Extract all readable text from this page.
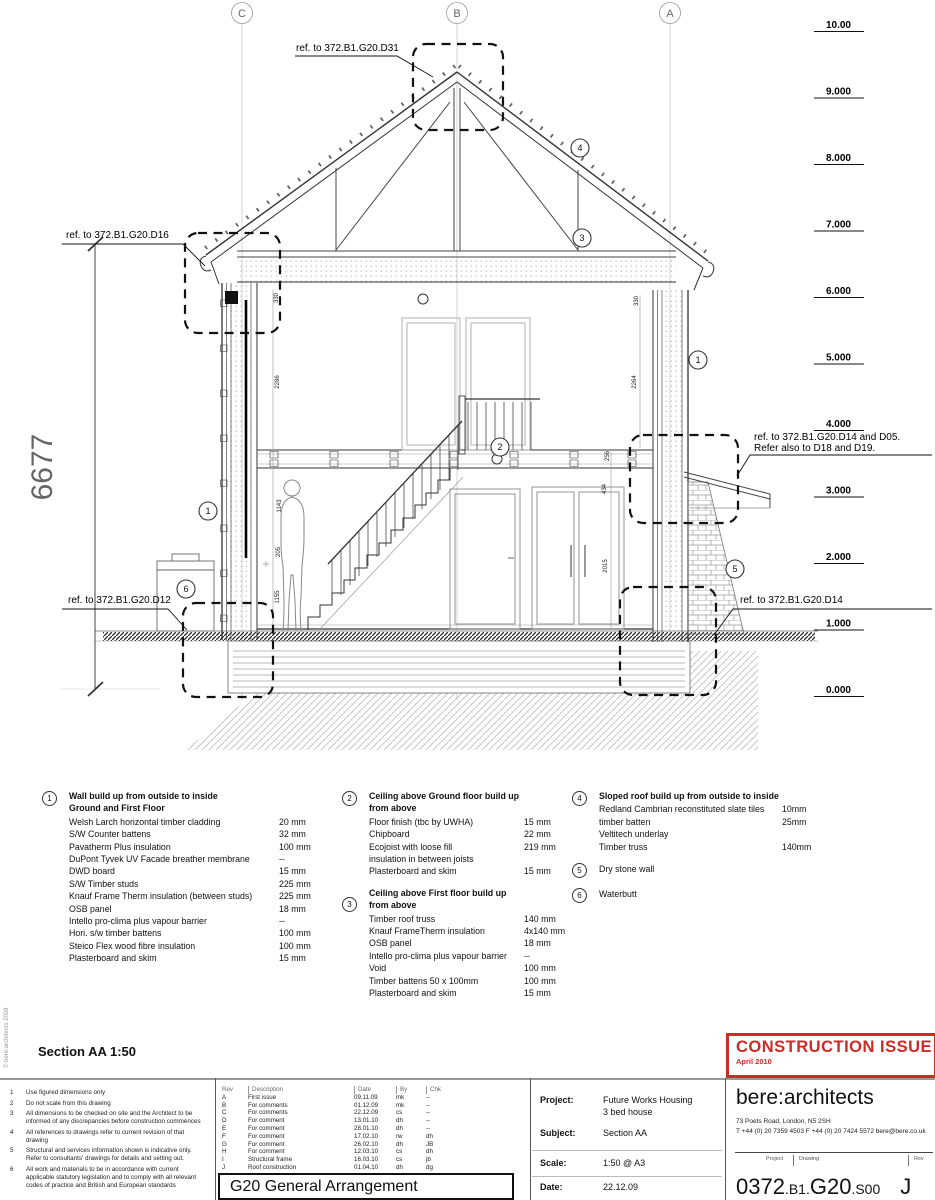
C	B	A
10.00
9.000
8.000
7.000
6.000
5.000
4.000
3.000
2.000
1.000
0.000
6677
330
2286
1143
205
1155
330
2264
256
434
2015
ref. to 372.B1.G20.D31
ref. to 372.B1.G20.D16
ref. to 372.B1.G20.D14 and D05.
Refer also to D18 and D19.
ref. to 372.B1.G20.D12	ref. to 372.B1.G20.D14
1
1
2
3
4
5
6
1	Wall build up from outside to inside
Ground and First Floor
Welsh Larch horizontal timber cladding	20 mm
S/W Counter battens	32 mm
Pavatherm Plus insulation	100 mm
DuPont Tyvek UV Facade breather membrane	--
DWD board	15 mm
S/W Timber studs	225 mm
Knauf Frame Therm insulation (between studs)	225 mm
OSB panel	18 mm
Intello pro-clima plus vapour barrier	--
Hori. s/w timber battens	100 mm
Steico Flex wood fibre insulation	100 mm
Plasterboard and skim	15 mm
2	Ceiling above Ground floor build up
from above
Floor finish (tbc by UWHA)	15 mm
Chipboard	22 mm
Ecojoist with loose fill	219 mm
insulation in between joists
Plasterboard and skim	15 mm
3
Ceiling above First floor build up
from above
Timber roof truss	140 mm
Knauf FrameTherm insulation	4x140 mm
OSB panel	18 mm
Intello pro-clima plus vapour barrier --
Void	100 mm
Timber battens 50 x 100mm	100 mm
Plasterboard and skim	15 mm
4	Sloped roof build up from outside to inside
Redland Cambrian reconstituted slate tiles 10mm
timber batten	25mm
Veltitech underlay
Timber truss	140mm
5	Dry stone wall
6	Waterbutt
Section AA 1:50	CONSTRUCTION ISSUE
April 2010
© bere:architects 2008
1	Use figured dimensions only
2	Do not scale from this drawing
3	All dimensions to be checked on site and the Architect to be informed of any discrepancies before construction commences
4	All references to drawings refer to current revision of that drawing
5	Structural and services information shown is indicative only. Refer to consultants' drawings for details and setting out.
6	All work and materials to be in accordance with current applicable statutory legislation and to comply with all relevant codes of practice and British and European standards
Rev	Description	Date	By	Chk
A	First issue	09.11.09	mk	--
B	For comments	01.12.09	mk	--
C	For comments	22.12.09	cs	--
D	For comment	13.01.10	dh	--
E	For comment	28.01.10	dh	--
F	For comment	17.02.10	rw	dh
G	For comment	26.02.10	dh	JB
H	For comment	12.03.10	cs	dh
I	Structural frame	16.03.10	cs	jb
J	Roof construction	01.04.10	dh	dg
G20 General Arrangement
Project:	Future Works Housing
3 bed house
Subject:	Section AA
Scale:	1:50 @ A3
Date:	22.12.09
bere:architects
73 Poets Road, London, N5 2SH
T +44 (0) 20 7359 4503 F +44 (0) 20 7424 5572 bere@bere.co.uk
Project	Drawing	Rev
0372 .B1. G20 .S00 J
